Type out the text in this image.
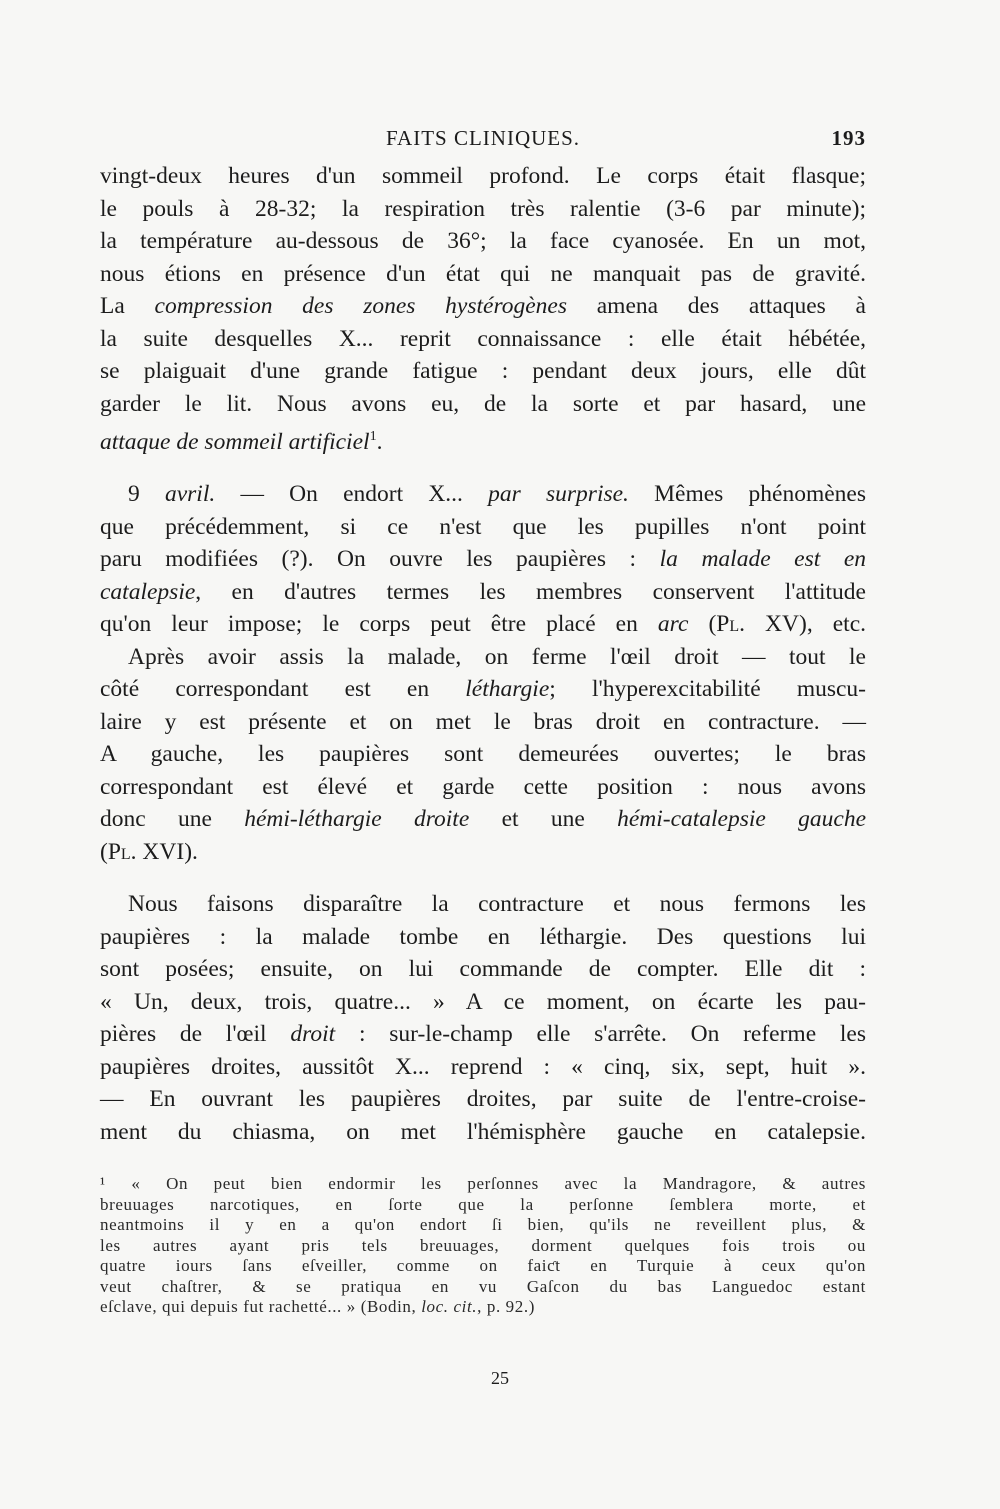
FAITS CLINIQUES.	193
vingt-deux heures d'un sommeil profond. Le corps était flasque;
le pouls à 28-32; la respiration très ralentie (3-6 par minute);
la température au-dessous de 36°; la face cyanosée. En un mot,
nous étions en présence d'un état qui ne manquait pas de gravité.
La compression des zones hystérogènes amena des attaques à
la suite desquelles X... reprit connaissance : elle était hébétée,
se plaiguait d'une grande fatigue : pendant deux jours, elle dût
garder le lit. Nous avons eu, de la sorte et par hasard, une
attaque de sommeil artificiel$^1$.
9 avril. — On endort X... par surprise. Mêmes phénomènes
que précédemment, si ce n'est que les pupilles n'ont point
paru modifiées (?). On ouvre les paupières : la malade est en
catalepsie, en d'autres termes les membres conservent l'attitude
qu'on leur impose; le corps peut être placé en arc (Pl. XV), etc.
Après avoir assis la malade, on ferme l'œil droit — tout le
côté correspondant est en léthargie; l'hyperexcitabilité muscu-
laire y est présente et on met le bras droit en contracture. —
A gauche, les paupières sont demeurées ouvertes; le bras
correspondant est élevé et garde cette position : nous avons
donc une hémi-léthargie droite et une hémi-catalepsie gauche
(Pl. XVI).
Nous faisons disparaître la contracture et nous fermons les
paupières : la malade tombe en léthargie. Des questions lui
sont posées; ensuite, on lui commande de compter. Elle dit :
« Un, deux, trois, quatre... » A ce moment, on écarte les pau-
pières de l'œil droit : sur-le-champ elle s'arrête. On referme les
paupières droites, aussitôt X... reprend : « cinq, six, sept, huit ».
— En ouvrant les paupières droites, par suite de l'entre-croise-
ment du chiasma, on met l'hémisphère gauche en catalepsie.
¹ « On peut bien endormir les perſonnes avec la Mandragore, & autres
breuuages narcotiques, en ſorte que la perſonne ſemblera morte, et
neantmoins il y en a qu'on endort ſi bien, qu'ils ne reveillent plus, &
les autres ayant pris tels breuuages, dorment quelques fois trois ou
quatre iours ſans eſveiller, comme on faiƈt en Turquie à ceux qu'on
veut chaſtrer, & se pratiqua en vu Gaſcon du bas Languedoc estant
eſclave, qui depuis fut rachetté... » (Bodin, loc. cit., p. 92.)
25
